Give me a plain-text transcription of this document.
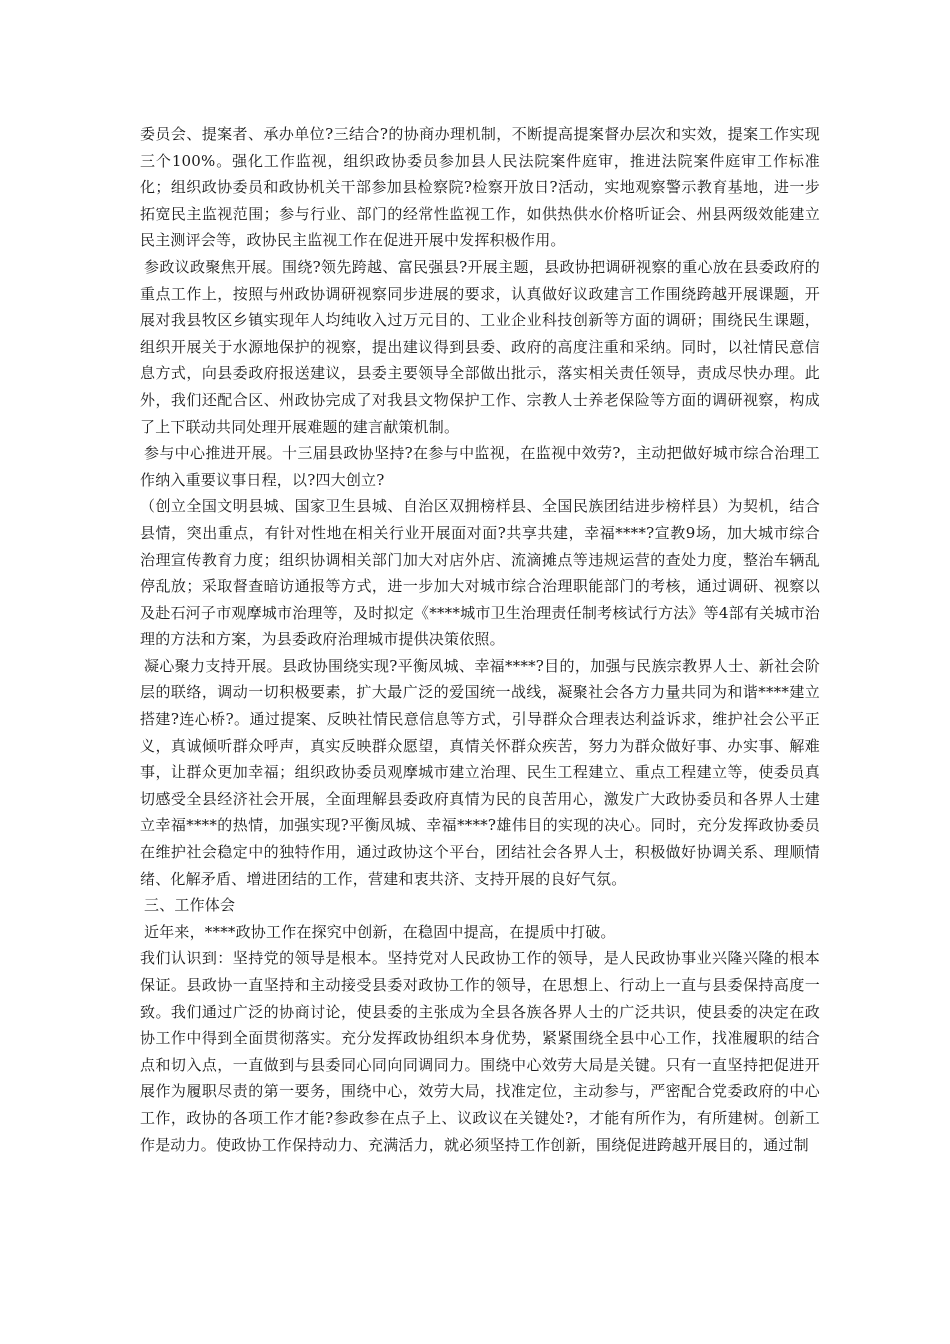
委员会、提案者、承办单位?三结合?的协商办理机制，不断提高提案督办层次和实效，提案工作实现三个100%。强化工作监视，组织政协委员参加县人民法院案件庭审，推进法院案件庭审工作标准化；组织政协委员和政协机关干部参加县检察院?检察开放日?活动，实地观察警示教育基地，进一步拓宽民主监视范围；参与行业、部门的经常性监视工作，如供热供水价格听证会、州县两级效能建立民主测评会等，政协民主监视工作在促进开展中发挥积极作用。

参政议政聚焦开展。围绕?领先跨越、富民强县?开展主题，县政协把调研视察的重心放在县委政府的重点工作上，按照与州政协调研视察同步进展的要求，认真做好议政建言工作围绕跨越开展课题，开展对我县牧区乡镇实现年人均纯收入过万元目的、工业企业科技创新等方面的调研；围绕民生课题，组织开展关于水源地保护的视察，提出建议得到县委、政府的高度注重和采纳。同时，以社情民意信息方式，向县委政府报送建议，县委主要领导全部做出批示，落实相关责任领导，责成尽快办理。此外，我们还配合区、州政协完成了对我县文物保护工作、宗教人士养老保险等方面的调研视察，构成了上下联动共同处理开展难题的建言献策机制。

参与中心推进开展。十三届县政协坚持?在参与中监视，在监视中效劳?，主动把做好城市综合治理工作纳入重要议事日程，以?四大创立?

（创立全国文明县城、国家卫生县城、自治区双拥榜样县、全国民族团结进步榜样县）为契机，结合县情，突出重点，有针对性地在相关行业开展面对面?共享共建，幸福****?宣教9场，加大城市综合治理宣传教育力度；组织协调相关部门加大对店外店、流滴摊点等违规运营的查处力度，整治车辆乱停乱放；采取督查暗访通报等方式，进一步加大对城市综合治理职能部门的考核，通过调研、视察以及赴石河子市观摩城市治理等，及时拟定《****城市卫生治理责任制考核试行方法》等4部有关城市治理的方法和方案，为县委政府治理城市提供决策依照。

凝心聚力支持开展。县政协围绕实现?平衡凤城、幸福****?目的，加强与民族宗教界人士、新社会阶层的联络，调动一切积极要素，扩大最广泛的爱国统一战线，凝聚社会各方力量共同为和谐****建立搭建?连心桥?。通过提案、反映社情民意信息等方式，引导群众合理表达利益诉求，维护社会公平正义，真诚倾听群众呼声，真实反映群众愿望，真情关怀群众疾苦，努力为群众做好事、办实事、解难事，让群众更加幸福；组织政协委员观摩城市建立治理、民生工程建立、重点工程建立等，使委员真切感受全县经济社会开展，全面理解县委政府真情为民的良苦用心，激发广大政协委员和各界人士建立幸福****的热情，加强实现?平衡凤城、幸福****?雄伟目的实现的决心。同时，充分发挥政协委员在维护社会稳定中的独特作用，通过政协这个平台，团结社会各界人士，积极做好协调关系、理顺情绪、化解矛盾、增进团结的工作，营建和衷共济、支持开展的良好气氛。

三、工作体会

近年来，****政协工作在探究中创新，在稳固中提高，在提质中打破。

我们认识到：坚持党的领导是根本。坚持党对人民政协工作的领导，是人民政协事业兴隆兴隆的根本保证。县政协一直坚持和主动接受县委对政协工作的领导，在思想上、行动上一直与县委保持高度一致。我们通过广泛的协商讨论，使县委的主张成为全县各族各界人士的广泛共识，使县委的决定在政协工作中得到全面贯彻落实。充分发挥政协组织本身优势，紧紧围绕全县中心工作，找准履职的结合点和切入点，一直做到与县委同心同向同调同力。围绕中心效劳大局是关键。只有一直坚持把促进开展作为履职尽责的第一要务，围绕中心，效劳大局，找准定位，主动参与，严密配合党委政府的中心工作，政协的各项工作才能?参政参在点子上、议政议在关键处?，才能有所作为，有所建树。创新工作是动力。使政协工作保持动力、充满活力，就必须坚持工作创新，围绕促进跨越开展目的，通过制
